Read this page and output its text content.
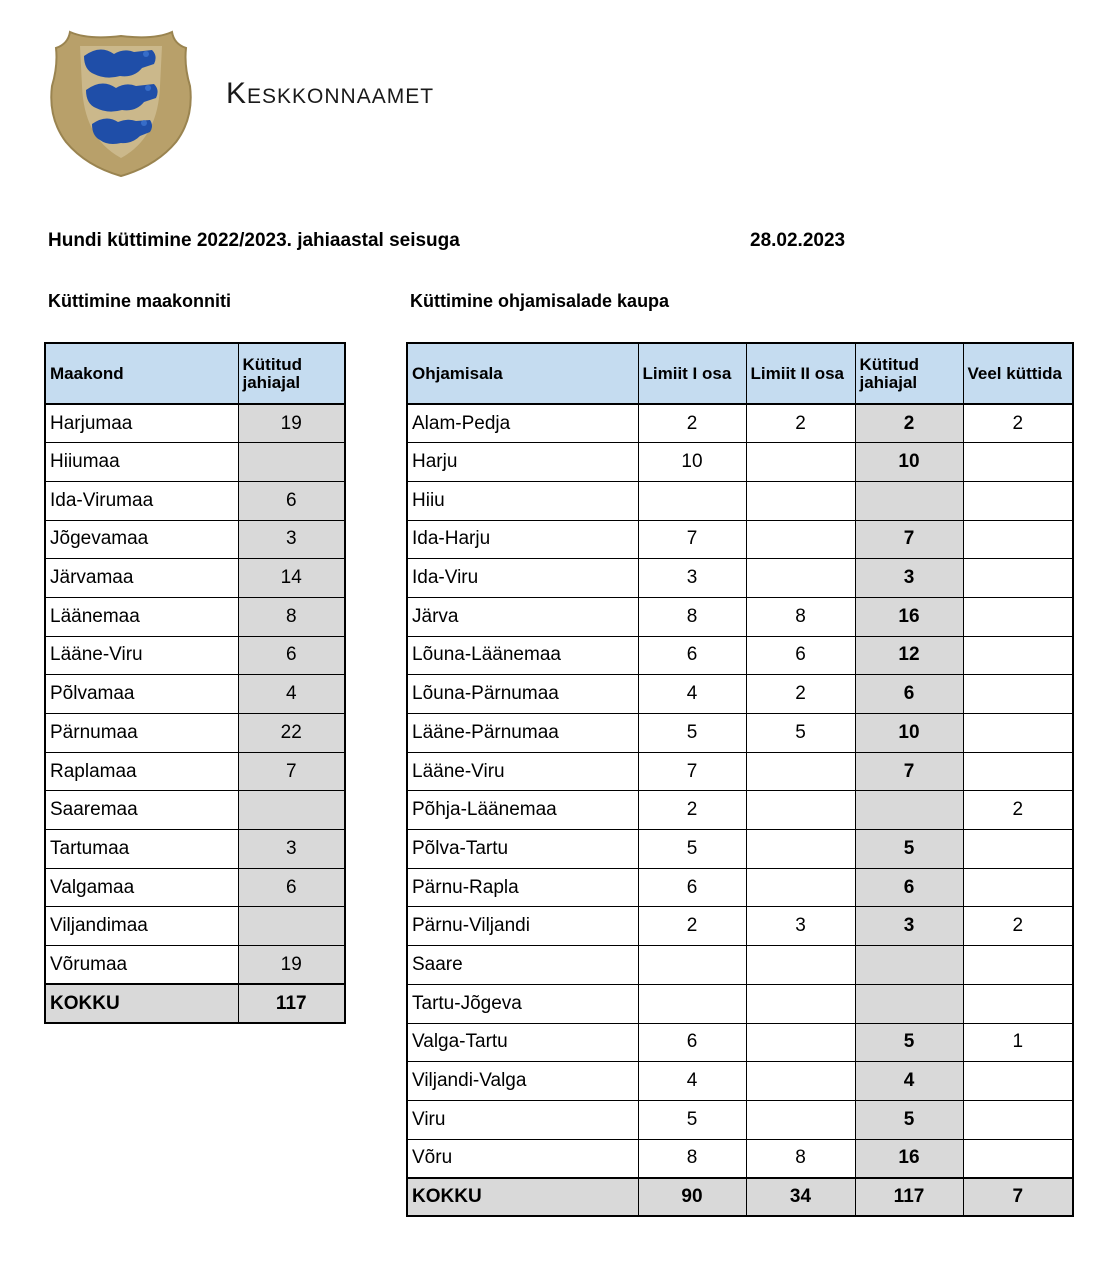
Keskkonnaamet
Hundi küttimine 2022/2023. jahiaastal seisuga	28.02.2023
Küttimine maakonniti	Küttimine ohjamisalade kaupa
Maakond	Kütitud jahiajal
Harjumaa	19
Hiiumaa	
Ida-Virumaa	6
Jõgevamaa	3
Järvamaa	14
Läänemaa	8
Lääne-Viru	6
Põlvamaa	4
Pärnumaa	22
Raplamaa	7
Saaremaa	
Tartumaa	3
Valgamaa	6
Viljandimaa	
Võrumaa	19
KOKKU	117
Ohjamisala	Limiit I osa	Limiit II osa	Kütitud jahiajal	Veel küttida
Alam-Pedja	2	2	2	2
Harju	10		10	
Hiiu				
Ida-Harju	7		7	
Ida-Viru	3		3	
Järva	8	8	16	
Lõuna-Läänemaa	6	6	12	
Lõuna-Pärnumaa	4	2	6	
Lääne-Pärnumaa	5	5	10	
Lääne-Viru	7		7	
Põhja-Läänemaa	2			2
Põlva-Tartu	5		5	
Pärnu-Rapla	6		6	
Pärnu-Viljandi	2	3	3	2
Saare				
Tartu-Jõgeva				
Valga-Tartu	6		5	1
Viljandi-Valga	4		4	
Viru	5		5	
Võru	8	8	16	
KOKKU	90	34	117	7
